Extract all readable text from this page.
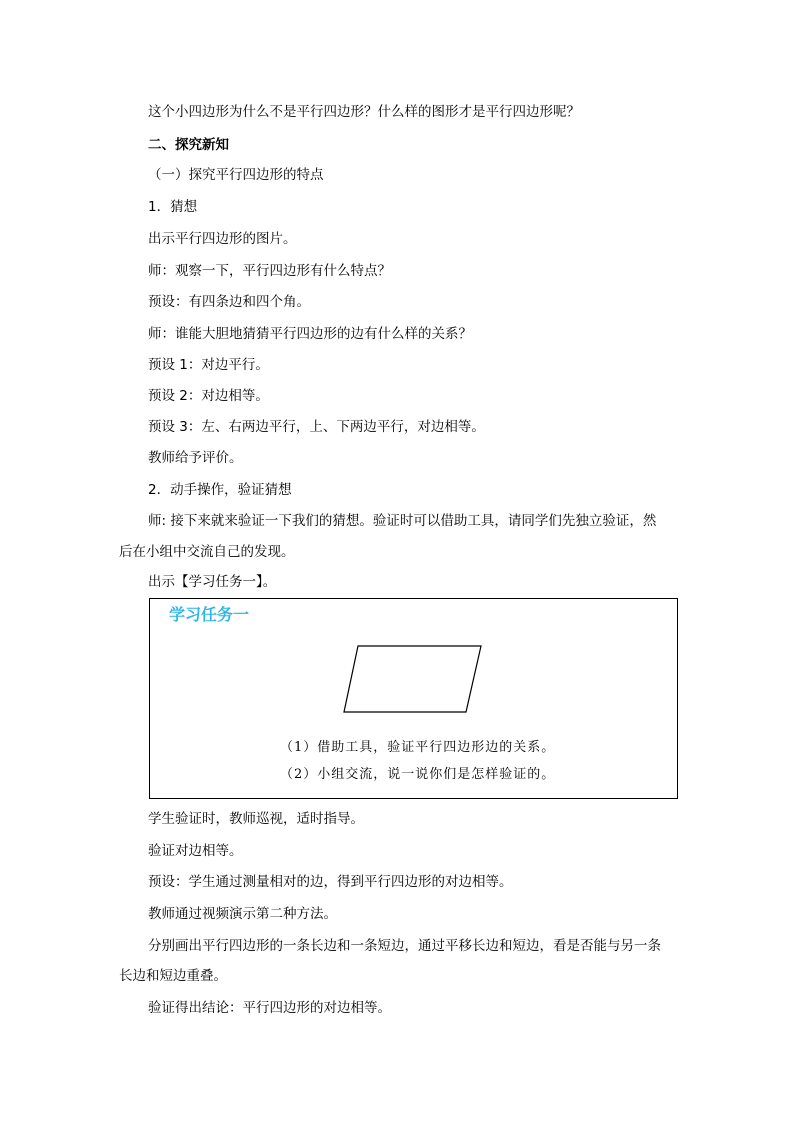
这个小四边形为什么不是平行四边形？什么样的图形才是平行四边形呢？
二、探究新知
（一）探究平行四边形的特点
1．猜想
出示平行四边形的图片。
师：观察一下，平行四边形有什么特点？
预设：有四条边和四个角。
师：谁能大胆地猜猜平行四边形的边有什么样的关系？
预设 1：对边平行。
预设 2：对边相等。
预设 3：左、右两边平行，上、下两边平行，对边相等。
教师给予评价。
2．动手操作，验证猜想
师: 接下来就来验证一下我们的猜想。验证时可以借助工具，请同学们先独立验证，然
后在小组中交流自己的发现。
出示【学习任务一】。
学习任务一
（1）借助工具，验证平行四边形边的关系。
（2）小组交流，说一说你们是怎样验证的。
学生验证时，教师巡视，适时指导。
验证对边相等。
预设：学生通过测量相对的边，得到平行四边形的对边相等。
教师通过视频演示第二种方法。
分别画出平行四边形的一条长边和一条短边，通过平移长边和短边，看是否能与另一条
长边和短边重叠。
验证得出结论：平行四边形的对边相等。
